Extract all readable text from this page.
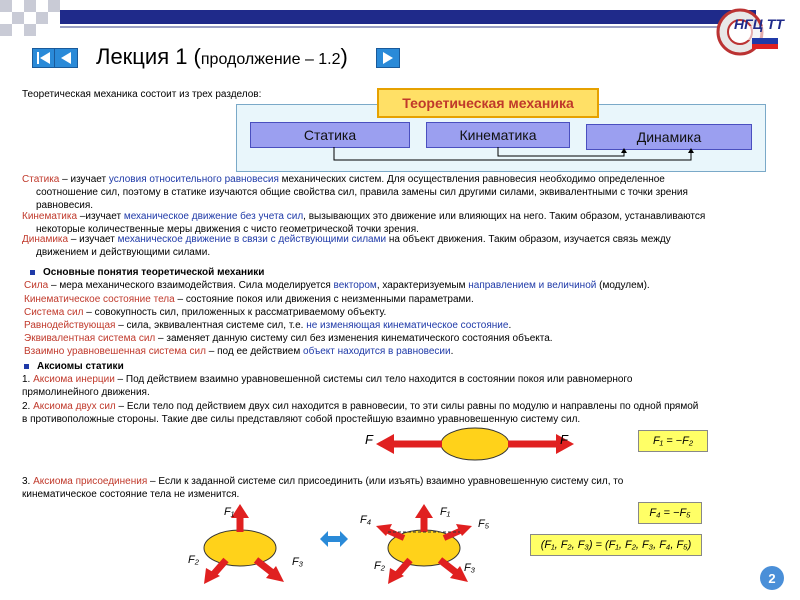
НГЦ ТТ
Лекция 1 (продолжение – 1.2)
Теоретическая механика состоит из трех разделов:
Теоретическая механика
Статика	Кинематика	Динамика
Статика – изучает условия относительного равновесия механических систем. Для осуществления равновесия необходимо определенное
соотношение сил, поэтому в статике изучаются общие свойства сил, правила замены сил другими силами, эквивалентными с точки зрения
равновесия.
Кинематика –изучает механическое движение без учета сил, вызывающих это движение или влияющих на него. Таким образом, устанавливаются
некоторые количественные меры движения с чисто геометрической точки зрения.
Динамика – изучает механическое движение в связи с действующими силами на объект движения. Таким образом, изучается связь между
движением и действующими силами.
Основные понятия теоретической механики
Сила – мера механического взаимодействия. Сила моделируется вектором, характеризуемым направлением и величиной (модулем).
Кинематическое состояние тела – состояние покоя или движения с неизменными параметрами.
Система сил – совокупность сил, приложенных к рассматриваемому объекту.
Равнодействующая – сила, эквивалентная системе сил, т.е. не изменяющая кинематическое состояние.
Эквивалентная система сил – заменяет данную систему сил без изменения кинематического состояния объекта.
Взаимно уравновешенная система сил – под ее действием объект находится в равновесии.
Аксиомы статики
1. Аксиома инерции – Под действием взаимно уравновешенной системы сил тело находится в состоянии покоя или равномерного
прямолинейного движения.
2. Аксиома двух сил – Если тело под действием двух сил находится в равновесии, то эти силы равны по модулю и направлены по одной прямой
в противоположные стороны. Такие две силы представляют собой простейшую взаимно уравновешенную систему сил.
F	F	F₁ = −F₂
3. Аксиома присоединения – Если к заданной системе сил присоединить (или изъять) взаимно уравновешенную систему сил, то
кинематическое состояние тела не изменится.
F₁
F₂	F₃
F₄
F₁
F₅
F₂	F₃
F₄ = −F₅
(F₁, F₂, F₃) = (F₁, F₂, F₃, F₄, F₅)
2
